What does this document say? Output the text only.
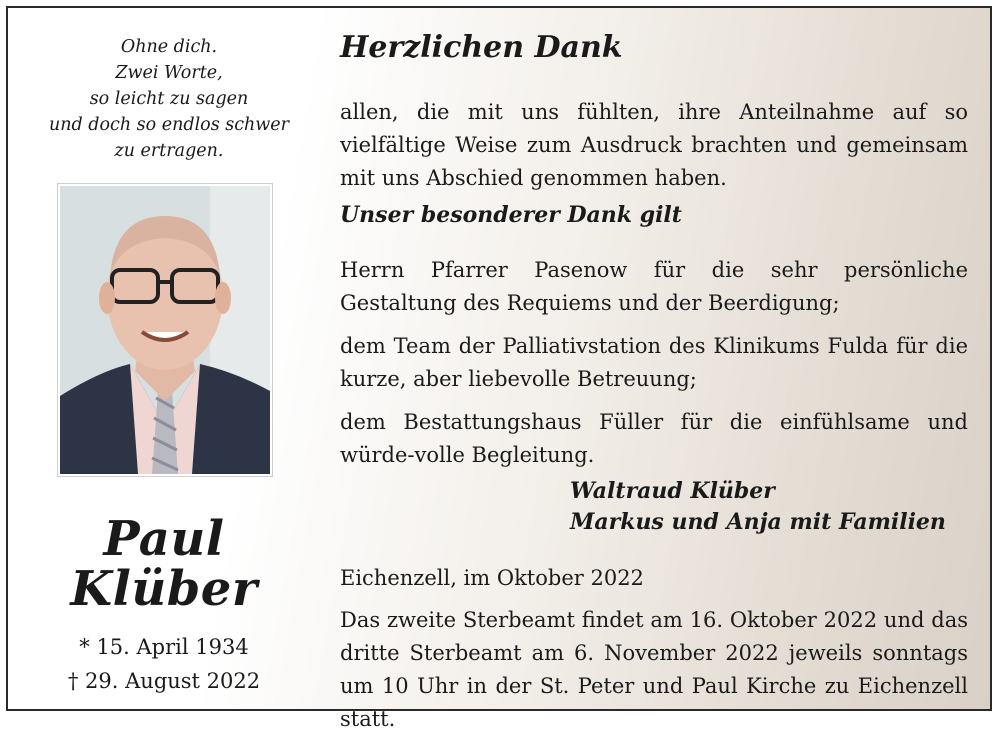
Ohne dich.
Zwei Worte,
so leicht zu sagen
und doch so endlos schwer
zu ertragen.
Paul
Klüber
* 15. April 1934
† 29. August 2022
Herzlichen Dank
allen, die mit uns fühlten, ihre Anteilnahme auf so vielfältige Weise zum Ausdruck brachten und gemeinsam mit uns Abschied genommen haben.
Unser besonderer Dank gilt
Herrn Pfarrer Pasenow für die sehr persönliche Gestaltung des Requiems und der Beerdigung;
dem Team der Palliativstation des Klinikums Fulda für die kurze, aber liebevolle Betreuung;
dem Bestattungshaus Füller für die einfühlsame und würde-volle Begleitung.
Waltraud Klüber
Markus und Anja mit Familien
Eichenzell, im Oktober 2022
Das zweite Sterbeamt findet am 16. Oktober 2022 und das dritte Sterbeamt am 6. November 2022 jeweils sonntags um 10 Uhr in der St. Peter und Paul Kirche zu Eichenzell statt.
